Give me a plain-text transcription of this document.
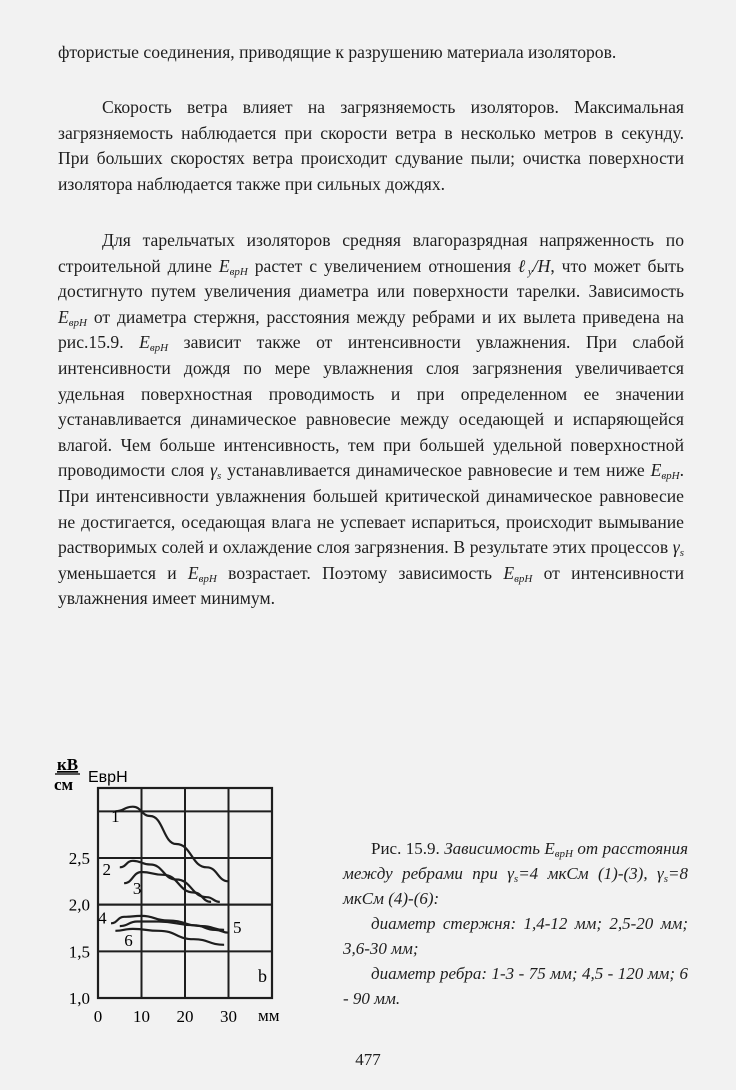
фтористые соединения, приводящие к разрушению материала изоляторов.

Скорость ветра влияет на загрязняемость изоляторов. Максимальная загрязняемость наблюдается при скорости ветра в несколько метров в секунду. При больших скоростях ветра происходит сдувание пыли; очистка поверхности изолятора наблюдается также при сильных дождях.

Для тарельчатых изоляторов средняя влагоразрядная напряженность по строительной длине $E_{врН}$ растет с увеличением отношения ℓ$_у$/H, что может быть достигнуто путем увеличения диаметра или поверхности тарелки. Зависимость $E_{врН}$ от диаметра стержня, расстояния между ребрами и их вылета приведена на рис.15.9. $E_{врН}$ зависит также от интенсивности увлажнения. При слабой интенсивности дождя по мере увлажнения слоя загрязнения увеличивается удельная поверхностная проводимость и при определенном ее значении устанавливается динамическое равновесие между оседающей и испаряющейся влагой. Чем больше интенсивность, тем при большей удельной поверхностной проводимости слоя $\gamma_s$ устанавливается динамическое равновесие и тем ниже $E_{врН}$. При интенсивности увлажнения большей критической динамическое равновесие не достигается, оседающая влага не успевает испариться, происходит вымывание растворимых солей и охлаждение слоя загрязнения. В результате этих процессов $\gamma_s$ уменьшается и $E_{врН}$ возрастает. Поэтому зависимость $E_{врН}$ от интенсивности увлажнения имеет минимум.

0 10 20 30
1,0
1,5
2,0
2,5
1
2
3
4	5
6
кВ
см EврН
мм
b
Рис. 15.9. Зависимость $E_{врН}$ от расстояния между ребрами при $\gamma_s=4$ мкСм (1)-(3), $\gamma_s=8$ мкСм (4)-(6):
диаметр стержня: 1,4-12 мм; 2,5-20 мм; 3,6-30 мм;
диаметр ребра: 1-3 - 75 мм; 4,5 - 120 мм; 6 - 90 мм.
477
